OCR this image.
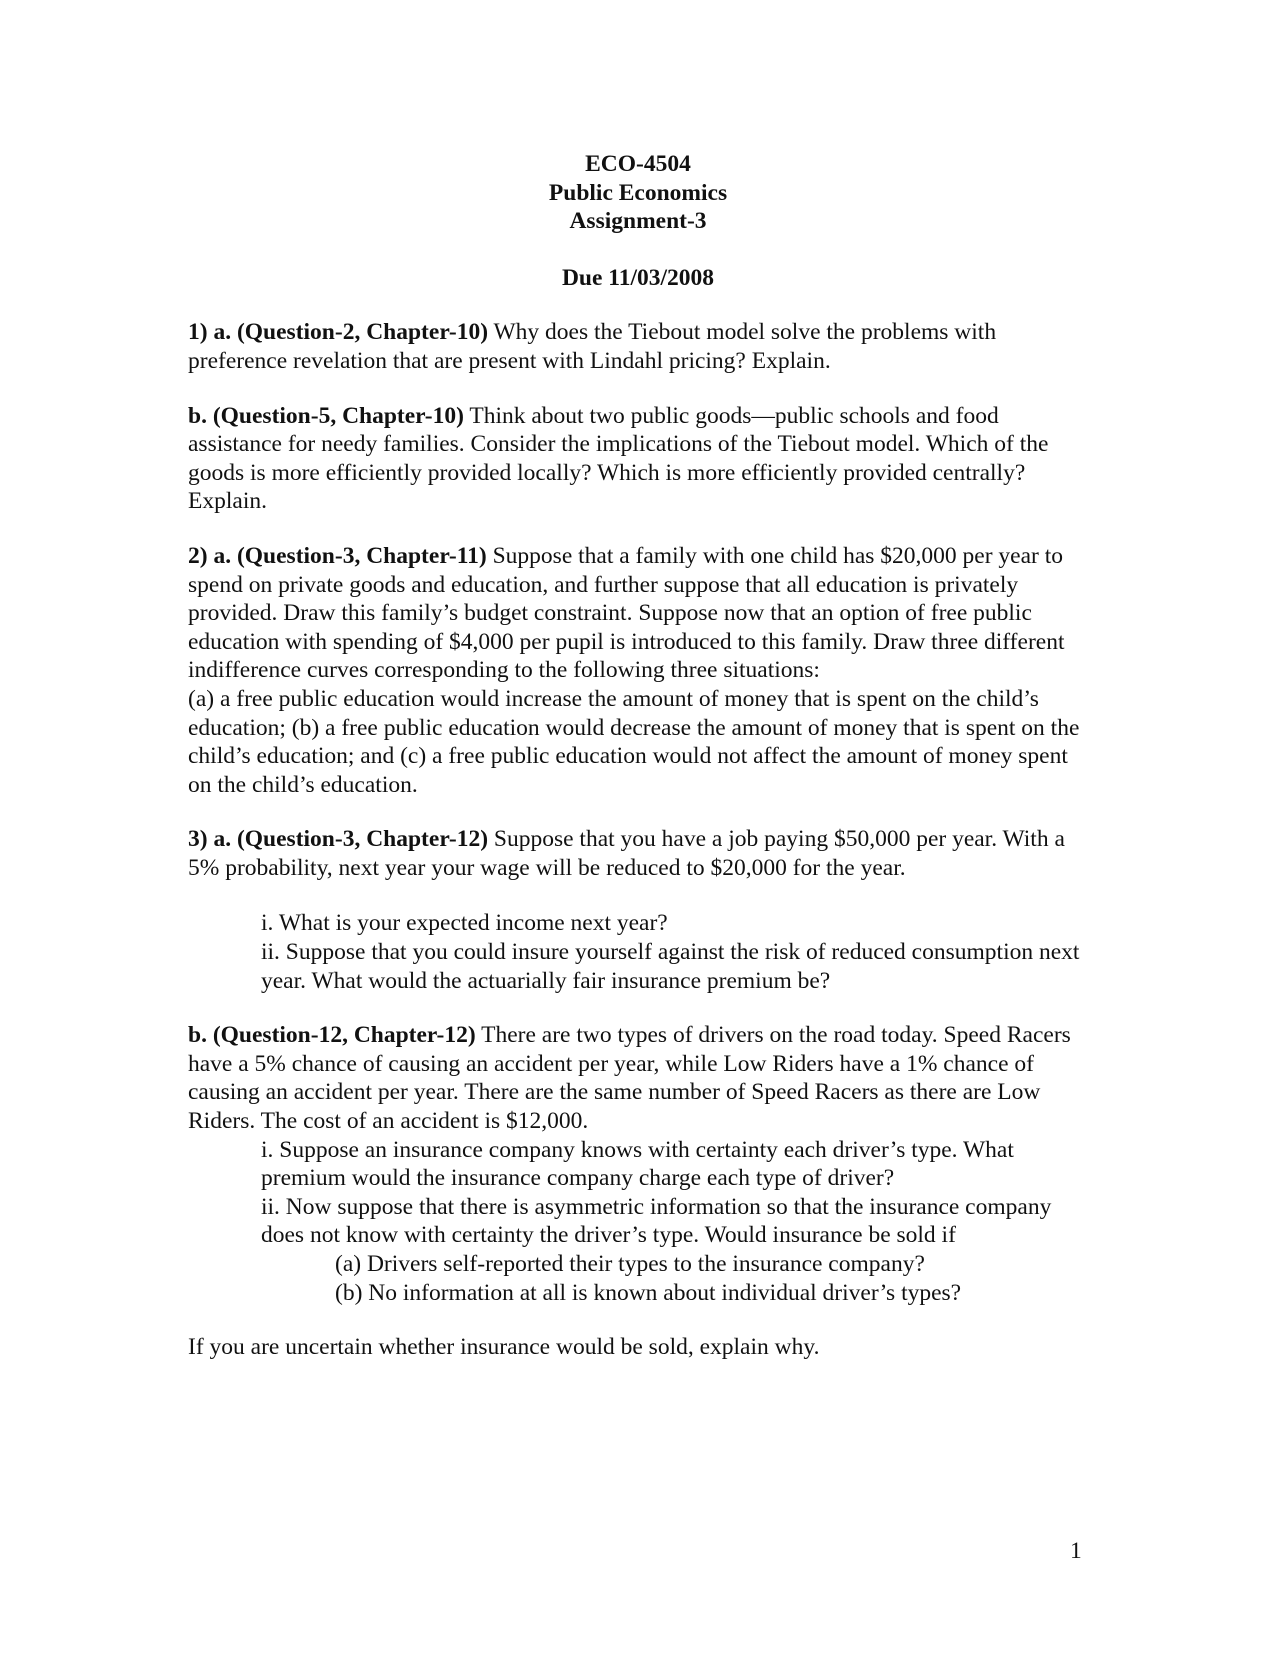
ECO-4504
Public Economics
Assignment-3
Due 11/03/2008

1) a. (Question-2, Chapter-10) Why does the Tiebout model solve the problems with preference revelation that are present with Lindahl pricing? Explain.

b. (Question-5, Chapter-10) Think about two public goods—public schools and food assistance for needy families. Consider the implications of the Tiebout model. Which of the goods is more efficiently provided locally? Which is more efficiently provided centrally? Explain.

2) a. (Question-3, Chapter-11) Suppose that a family with one child has $20,000 per year to spend on private goods and education, and further suppose that all education is privately provided. Draw this family’s budget constraint. Suppose now that an option of free public education with spending of $4,000 per pupil is introduced to this family. Draw three different indifference curves corresponding to the following three situations:

(a) a free public education would increase the amount of money that is spent on the child’s education; (b) a free public education would decrease the amount of money that is spent on the child’s education; and (c) a free public education would not affect the amount of money spent on the child’s education.

3) a. (Question-3, Chapter-12) Suppose that you have a job paying $50,000 per year. With a 5% probability, next year your wage will be reduced to $20,000 for the year.

i. What is your expected income next year?

ii. Suppose that you could insure yourself against the risk of reduced consumption next year. What would the actuarially fair insurance premium be?

b. (Question-12, Chapter-12) There are two types of drivers on the road today. Speed Racers have a 5% chance of causing an accident per year, while Low Riders have a 1% chance of causing an accident per year. There are the same number of Speed Racers as there are Low Riders. The cost of an accident is $12,000.

i. Suppose an insurance company knows with certainty each driver’s type. What premium would the insurance company charge each type of driver?

ii. Now suppose that there is asymmetric information so that the insurance company does not know with certainty the driver’s type. Would insurance be sold if

(a) Drivers self-reported their types to the insurance company?

(b) No information at all is known about individual driver’s types?

If you are uncertain whether insurance would be sold, explain why.

1
